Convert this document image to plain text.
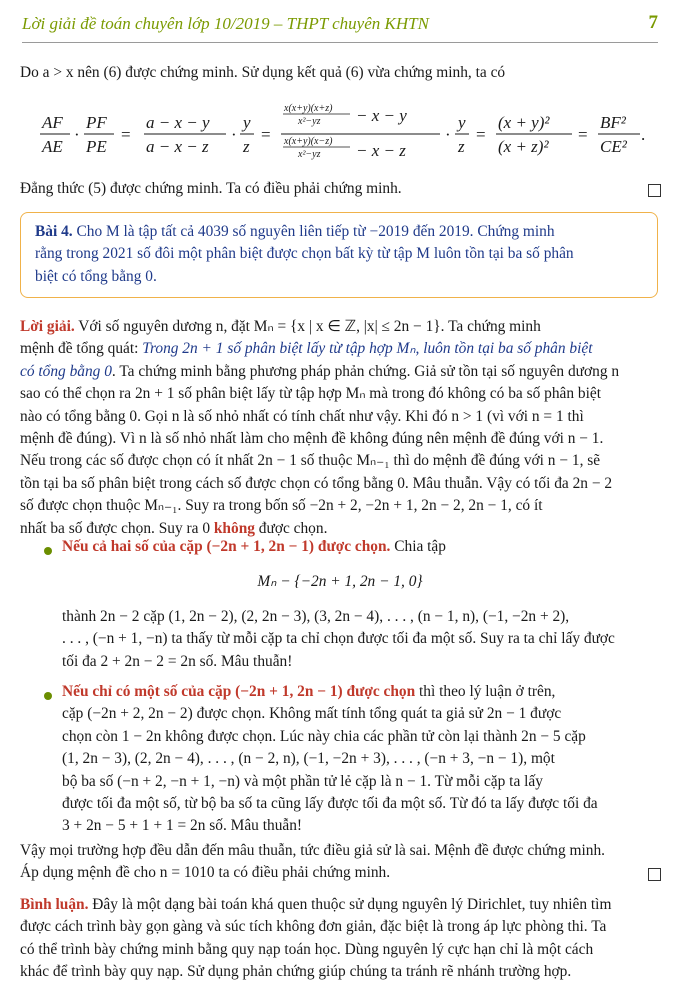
Lời giải đề toán chuyên lớp 10/2019 – THPT chuyên KHTN	7
Do a > x nên (6) được chứng minh. Sử dụng kết quả (6) vừa chứng minh, ta có
AF
AE
·
PF
PE
=
a − x − y
a − x − z
·
y
z
=
x(x+y)(x+z)
x²−yz − x − y
x(x+y)(x−z)
x²−yz − x − z
·
y
z
=
(x + y)²
(x + z)²
=
BF²
CE²
.
Đẳng thức (5) được chứng minh. Ta có điều phải chứng minh.
Bài 4. Cho M là tập tất cả 4039 số nguyên liên tiếp từ −2019 đến 2019. Chứng minh
rằng trong 2021 số đôi một phân biệt được chọn bất kỳ từ tập M luôn tồn tại ba số phân
biệt có tổng bằng 0.
Lời giải. Với số nguyên dương n, đặt Mₙ = {x | x ∈ ℤ, |x| ≤ 2n − 1}. Ta chứng minh
mệnh đề tổng quát: Trong 2n + 1 số phân biệt lấy từ tập hợp Mₙ, luôn tồn tại ba số phân biệt
có tổng bằng 0. Ta chứng minh bằng phương pháp phản chứng. Giả sử tồn tại số nguyên dương n
sao có thể chọn ra 2n + 1 số phân biệt lấy từ tập hợp Mₙ mà trong đó không có ba số phân biệt
nào có tổng bằng 0. Gọi n là số nhỏ nhất có tính chất như vậy. Khi đó n > 1 (vì với n = 1 thì
mệnh đề đúng). Vì n là số nhỏ nhất làm cho mệnh đề không đúng nên mệnh đề đúng với n − 1.
Nếu trong các số được chọn có ít nhất 2n − 1 số thuộc Mₙ₋₁ thì do mệnh đề đúng với n − 1, sẽ
tồn tại ba số phân biệt trong cách số được chọn có tổng bằng 0. Mâu thuẫn. Vậy có tối đa 2n − 2
số được chọn thuộc Mₙ₋₁. Suy ra trong bốn số −2n + 2, −2n + 1, 2n − 2, 2n − 1, có ít
nhất ba số được chọn. Suy ra 0 không được chọn.
Nếu cả hai số của cặp (−2n + 1, 2n − 1) được chọn. Chia tập
Mₙ − {−2n + 1, 2n − 1, 0}
thành 2n − 2 cặp (1, 2n − 2), (2, 2n − 3), (3, 2n − 4), . . . , (n − 1, n), (−1, −2n + 2),
. . . , (−n + 1, −n) ta thấy từ mỗi cặp ta chỉ chọn được tối đa một số. Suy ra ta chỉ lấy được
tối đa 2 + 2n − 2 = 2n số. Mâu thuẫn!
Nếu chỉ có một số của cặp (−2n + 1, 2n − 1) được chọn thì theo lý luận ở trên,
cặp (−2n + 2, 2n − 2) được chọn. Không mất tính tổng quát ta giả sử 2n − 1 được
chọn còn 1 − 2n không được chọn. Lúc này chia các phần tử còn lại thành 2n − 5 cặp
(1, 2n − 3), (2, 2n − 4), . . . , (n − 2, n), (−1, −2n + 3), . . . , (−n + 3, −n − 1), một
bộ ba số (−n + 2, −n + 1, −n) và một phần tử lẻ cặp là n − 1. Từ mỗi cặp ta lấy
được tối đa một số, từ bộ ba số ta cũng lấy được tối đa một số. Từ đó ta lấy được tối đa
3 + 2n − 5 + 1 + 1 = 2n số. Mâu thuẫn!
Vậy mọi trường hợp đều dẫn đến mâu thuẫn, tức điều giả sử là sai. Mệnh đề được chứng minh.
Áp dụng mệnh đề cho n = 1010 ta có điều phải chứng minh.
Bình luận. Đây là một dạng bài toán khá quen thuộc sử dụng nguyên lý Dirichlet, tuy nhiên tìm
được cách trình bày gọn gàng và súc tích không đơn giản, đặc biệt là trong áp lực phòng thi. Ta
có thể trình bày chứng minh bằng quy nạp toán học. Dùng nguyên lý cực hạn chỉ là một cách
khác để trình bày quy nạp. Sử dụng phản chứng giúp chúng ta tránh rẽ nhánh trường hợp.
